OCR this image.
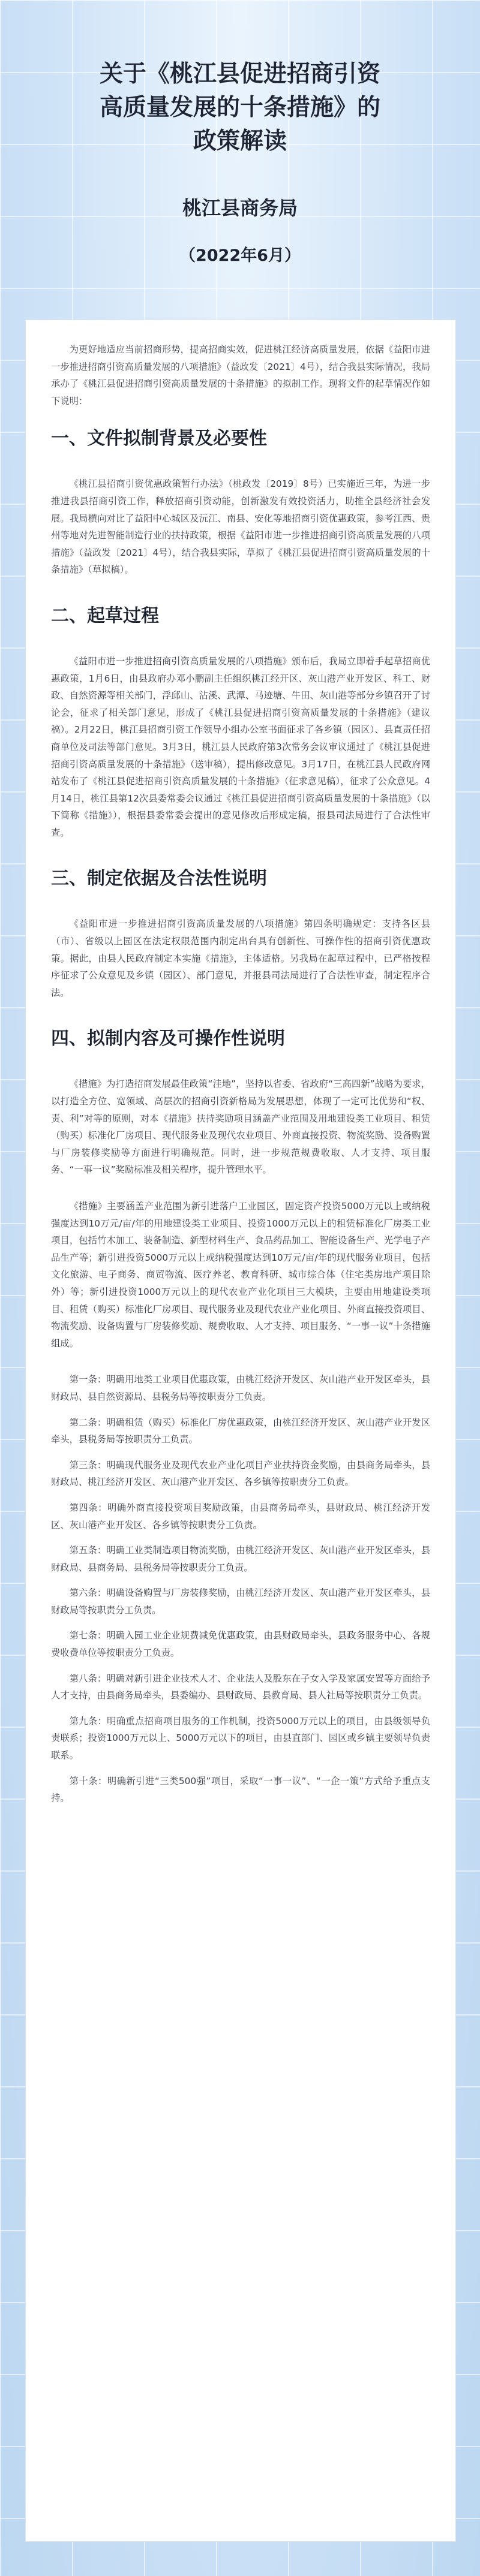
关于《桃江县促进招商引资
高质量发展的十条措施》的
政策解读
桃江县商务局
（2022年6月）

为更好地适应当前招商形势，提高招商实效，促进桃江经济高质量发展，依据《益阳市进一步推进招商引资高质量发展的八项措施》（益政发〔2021〕4号），结合我县实际情况，我局承办了《桃江县促进招商引资高质量发展的十条措施》的拟制工作。现将文件的起草情况作如下说明：

一、文件拟制背景及必要性

《桃江县招商引资优惠政策暂行办法》（桃政发〔2019〕8号）已实施近三年，为进一步推进我县招商引资工作，释放招商引资动能，创新激发有效投资活力，助推全县经济社会发展。我局横向对比了益阳中心城区及沅江、南县、安化等地招商引资优惠政策，参考江西、贵州等地对先进智能制造行业的扶持政策，根据《益阳市进一步推进招商引资高质量发展的八项措施》（益政发〔2021〕4号），结合我县实际，草拟了《桃江县促进招商引资高质量发展的十条措施》（草拟稿）。

二、起草过程

《益阳市进一步推进招商引资高质量发展的八项措施》颁布后，我局立即着手起草招商优惠政策，1月6日，由县政府办邓小鹏副主任组织桃江经开区、灰山港产业开发区、科工、财政、自然资源等相关部门，浮邱山、沾溪、武潭、马迹塘、牛田、灰山港等部分乡镇召开了讨论会，征求了相关部门意见，形成了《桃江县促进招商引资高质量发展的十条措施》（建议稿）。2月22日，桃江县招商引资工作领导小组办公室书面征求了各乡镇（园区）、县直责任招商单位及司法等部门意见。3月3日，桃江县人民政府第3次常务会议审议通过了《桃江县促进招商引资高质量发展的十条措施》（送审稿），提出修改意见。3月17日，在桃江县人民政府网站发布了《桃江县促进招商引资高质量发展的十条措施》（征求意见稿），征求了公众意见。4月14日，桃江县第12次县委常委会议通过《桃江县促进招商引资高质量发展的十条措施》（以下简称《措施》），根据县委常委会提出的意见修改后形成定稿，报县司法局进行了合法性审查。

三、制定依据及合法性说明

《益阳市进一步推进招商引资高质量发展的八项措施》第四条明确规定：支持各区县（市）、省级以上园区在法定权限范围内制定出台具有创新性、可操作性的招商引资优惠政策。据此，由县人民政府制定本实施《措施》，主体适格。另我局在起草过程中，已严格按程序征求了公众意见及乡镇（园区）、部门意见，并报县司法局进行了合法性审查，制定程序合法。

四、拟制内容及可操作性说明

《措施》为打造招商发展最佳政策“洼地”，坚持以省委、省政府“三高四新”战略为要求，以打造全方位、宽领域、高层次的招商引资新格局为发展思想，体现了一定可比优势和“权、责、利”对等的原则，对本《措施》扶持奖励项目涵盖产业范围及用地建设类工业项目、租赁（购买）标准化厂房项目、现代服务业及现代农业项目、外商直接投资、物流奖励、设备购置与厂房装修奖励等方面进行明确规范。同时，进一步规范规费收取、人才支持、项目服务、“一事一议”奖励标准及相关程序，提升管理水平。

《措施》主要涵盖产业范围为新引进落户工业园区，固定资产投资5000万元以上或纳税强度达到10万元/亩/年的用地建设类工业项目、投资1000万元以上的租赁标准化厂房类工业项目，包括竹木加工、装备制造、新型材料生产、食品药品加工、智能设备生产、光学电子产品生产等；新引进投资5000万元以上或纳税强度达到10万元/亩/年的现代服务业项目，包括文化旅游、电子商务、商贸物流、医疗养老、教育科研、城市综合体（住宅类房地产项目除外）等；新引进投资1000万元以上的现代农业产业化项目三大模块，主要由用地建设类项目、租赁（购买）标准化厂房项目、现代服务业及现代农业产业化项目、外商直接投资项目、物流奖励、设备购置与厂房装修奖励、规费收取、人才支持、项目服务、“一事一议”十条措施组成。

第一条：明确用地类工业项目优惠政策，由桃江经济开发区、灰山港产业开发区牵头，县财政局、县自然资源局、县税务局等按职责分工负责。

第二条：明确租赁（购买）标准化厂房优惠政策，由桃江经济开发区、灰山港产业开发区牵头，县税务局等按职责分工负责。

第三条：明确现代服务业及现代农业产业化项目产业扶持资金奖励，由县商务局牵头，县财政局、桃江经济开发区、灰山港产业开发区、各乡镇等按职责分工负责。

第四条：明确外商直接投资项目奖励政策，由县商务局牵头，县财政局、桃江经济开发区、灰山港产业开发区、各乡镇等按职责分工负责。

第五条：明确工业类制造项目物流奖励，由桃江经济开发区、灰山港产业开发区牵头，县财政局、县商务局、县税务局等按职责分工负责。

第六条：明确设备购置与厂房装修奖励，由桃江经济开发区、灰山港产业开发区牵头，县财政局等按职责分工负责。

第七条：明确入园工业企业规费减免优惠政策，由县财政局牵头，县政务服务中心、各规费收费单位等按职责分工负责。

第八条：明确对新引进企业技术人才、企业法人及股东在子女入学及家属安置等方面给予人才支持，由县商务局牵头，县委编办、县财政局、县教育局、县人社局等按职责分工负责。

第九条：明确重点招商项目服务的工作机制，投资5000万元以上的项目，由县级领导负责联系；投资1000万元以上、5000万元以下的项目，由县直部门、园区或乡镇主要领导负责联系。

第十条：明确新引进“三类500强”项目，采取“一事一议”、“一企一策”方式给予重点支持。
